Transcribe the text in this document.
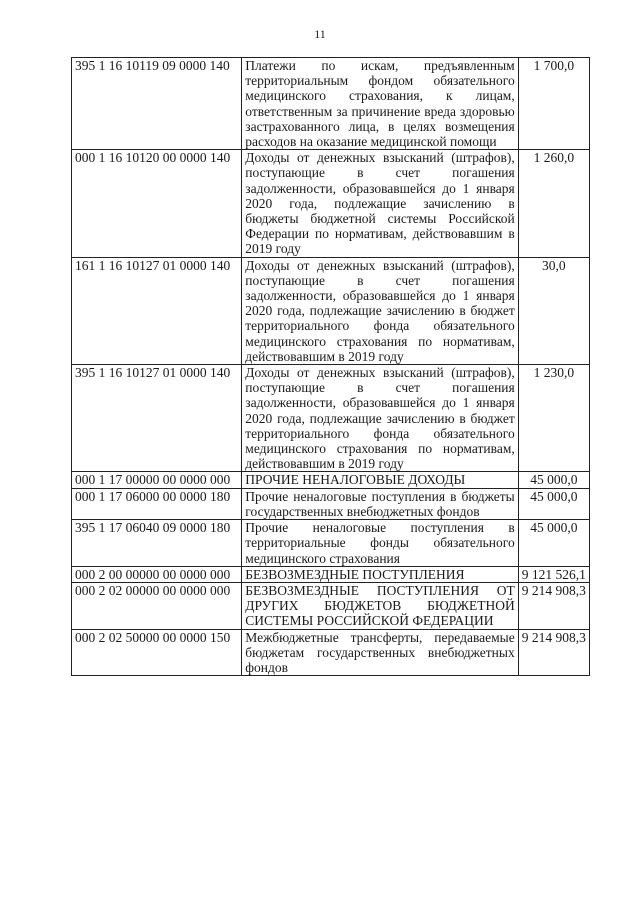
11
395 1 16 10119 09 0000 140	Платежи по искам, предъявленным территориальным фондом обязательного медицинского страхования, к лицам, ответственным за причинение вреда здоровью застрахованного лица, в целях возмещения расходов на оказание медицинской помощи	1 700,0
000 1 16 10120 00 0000 140	Доходы от денежных взысканий (штрафов), поступающие в счет погашения задолженности, образовавшейся до 1 января 2020 года, подлежащие зачислению в бюджеты бюджетной системы Российской Федерации по нормативам, действовавшим в 2019 году	1 260,0
161 1 16 10127 01 0000 140	Доходы от денежных взысканий (штрафов), поступающие в счет погашения задолженности, образовавшейся до 1 января 2020 года, подлежащие зачислению в бюджет территориального фонда обязательного медицинского страхования по нормативам, действовавшим в 2019 году	30,0
395 1 16 10127 01 0000 140	Доходы от денежных взысканий (штрафов), поступающие в счет погашения задолженности, образовавшейся до 1 января 2020 года, подлежащие зачислению в бюджет территориального фонда обязательного медицинского страхования по нормативам, действовавшим в 2019 году	1 230,0
000 1 17 00000 00 0000 000	ПРОЧИЕ НЕНАЛОГОВЫЕ ДОХОДЫ	45 000,0
000 1 17 06000 00 0000 180	Прочие неналоговые поступления в бюджеты государственных внебюджетных фондов	45 000,0
395 1 17 06040 09 0000 180	Прочие неналоговые поступления в территориальные фонды обязательного медицинского страхования	45 000,0
000 2 00 00000 00 0000 000	БЕЗВОЗМЕЗДНЫЕ ПОСТУПЛЕНИЯ	9 121 526,1
000 2 02 00000 00 0000 000	БЕЗВОЗМЕЗДНЫЕ ПОСТУПЛЕНИЯ ОТ ДРУГИХ БЮДЖЕТОВ БЮДЖЕТНОЙ СИСТЕМЫ РОССИЙСКОЙ ФЕДЕРАЦИИ	9 214 908,3
000 2 02 50000 00 0000 150	Межбюджетные трансферты, передаваемые бюджетам государственных внебюджетных фондов	9 214 908,3
